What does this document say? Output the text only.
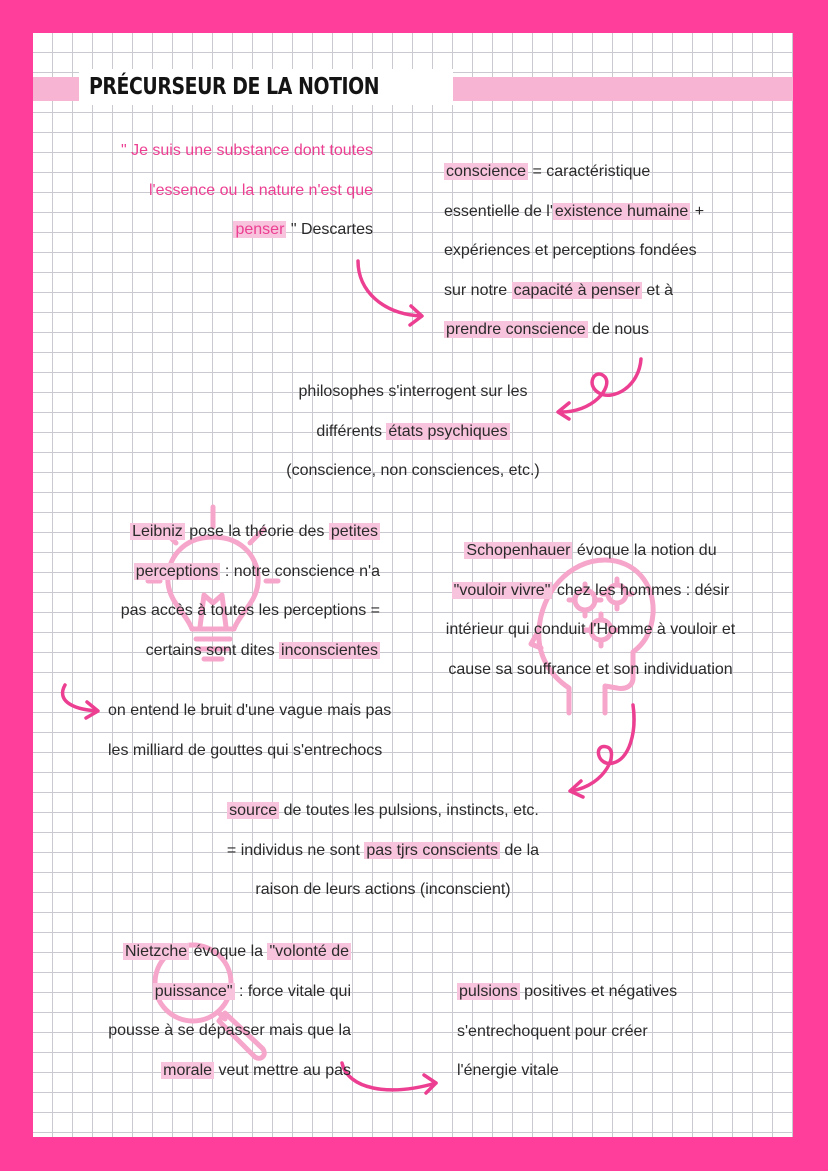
PRÉCURSEUR DE LA NOTION
" Je suis une substance dont toutes
l'essence ou la nature n'est que
penser " Descartes
conscience = caractéristique
essentielle de l' existence humaine +
expériences et perceptions fondées
sur notre capacité à penser et à
prendre conscience de nous
philosophes s'interrogent sur les
différents états psychiques
(conscience, non consciences, etc.)
Leibniz pose la théorie des petites
perceptions : notre conscience n'a
pas accès à toutes les perceptions =
certains sont dites inconscientes
on entend le bruit d'une vague mais pas
les milliard de gouttes qui s'entrechocs
Schopenhauer évoque la notion du
"vouloir vivre" chez les hommes : désir
intérieur qui conduit l'Homme à vouloir et
cause sa souffrance et son individuation
source de toutes les pulsions, instincts, etc.
= individus ne sont pas tjrs conscients de la
raison de leurs actions (inconscient)
Nietzche évoque la "volonté de
puissance" : force vitale qui
pousse à se dépasser mais que la
morale veut mettre au pas
pulsions positives et négatives
s'entrechoquent pour créer
l'énergie vitale
